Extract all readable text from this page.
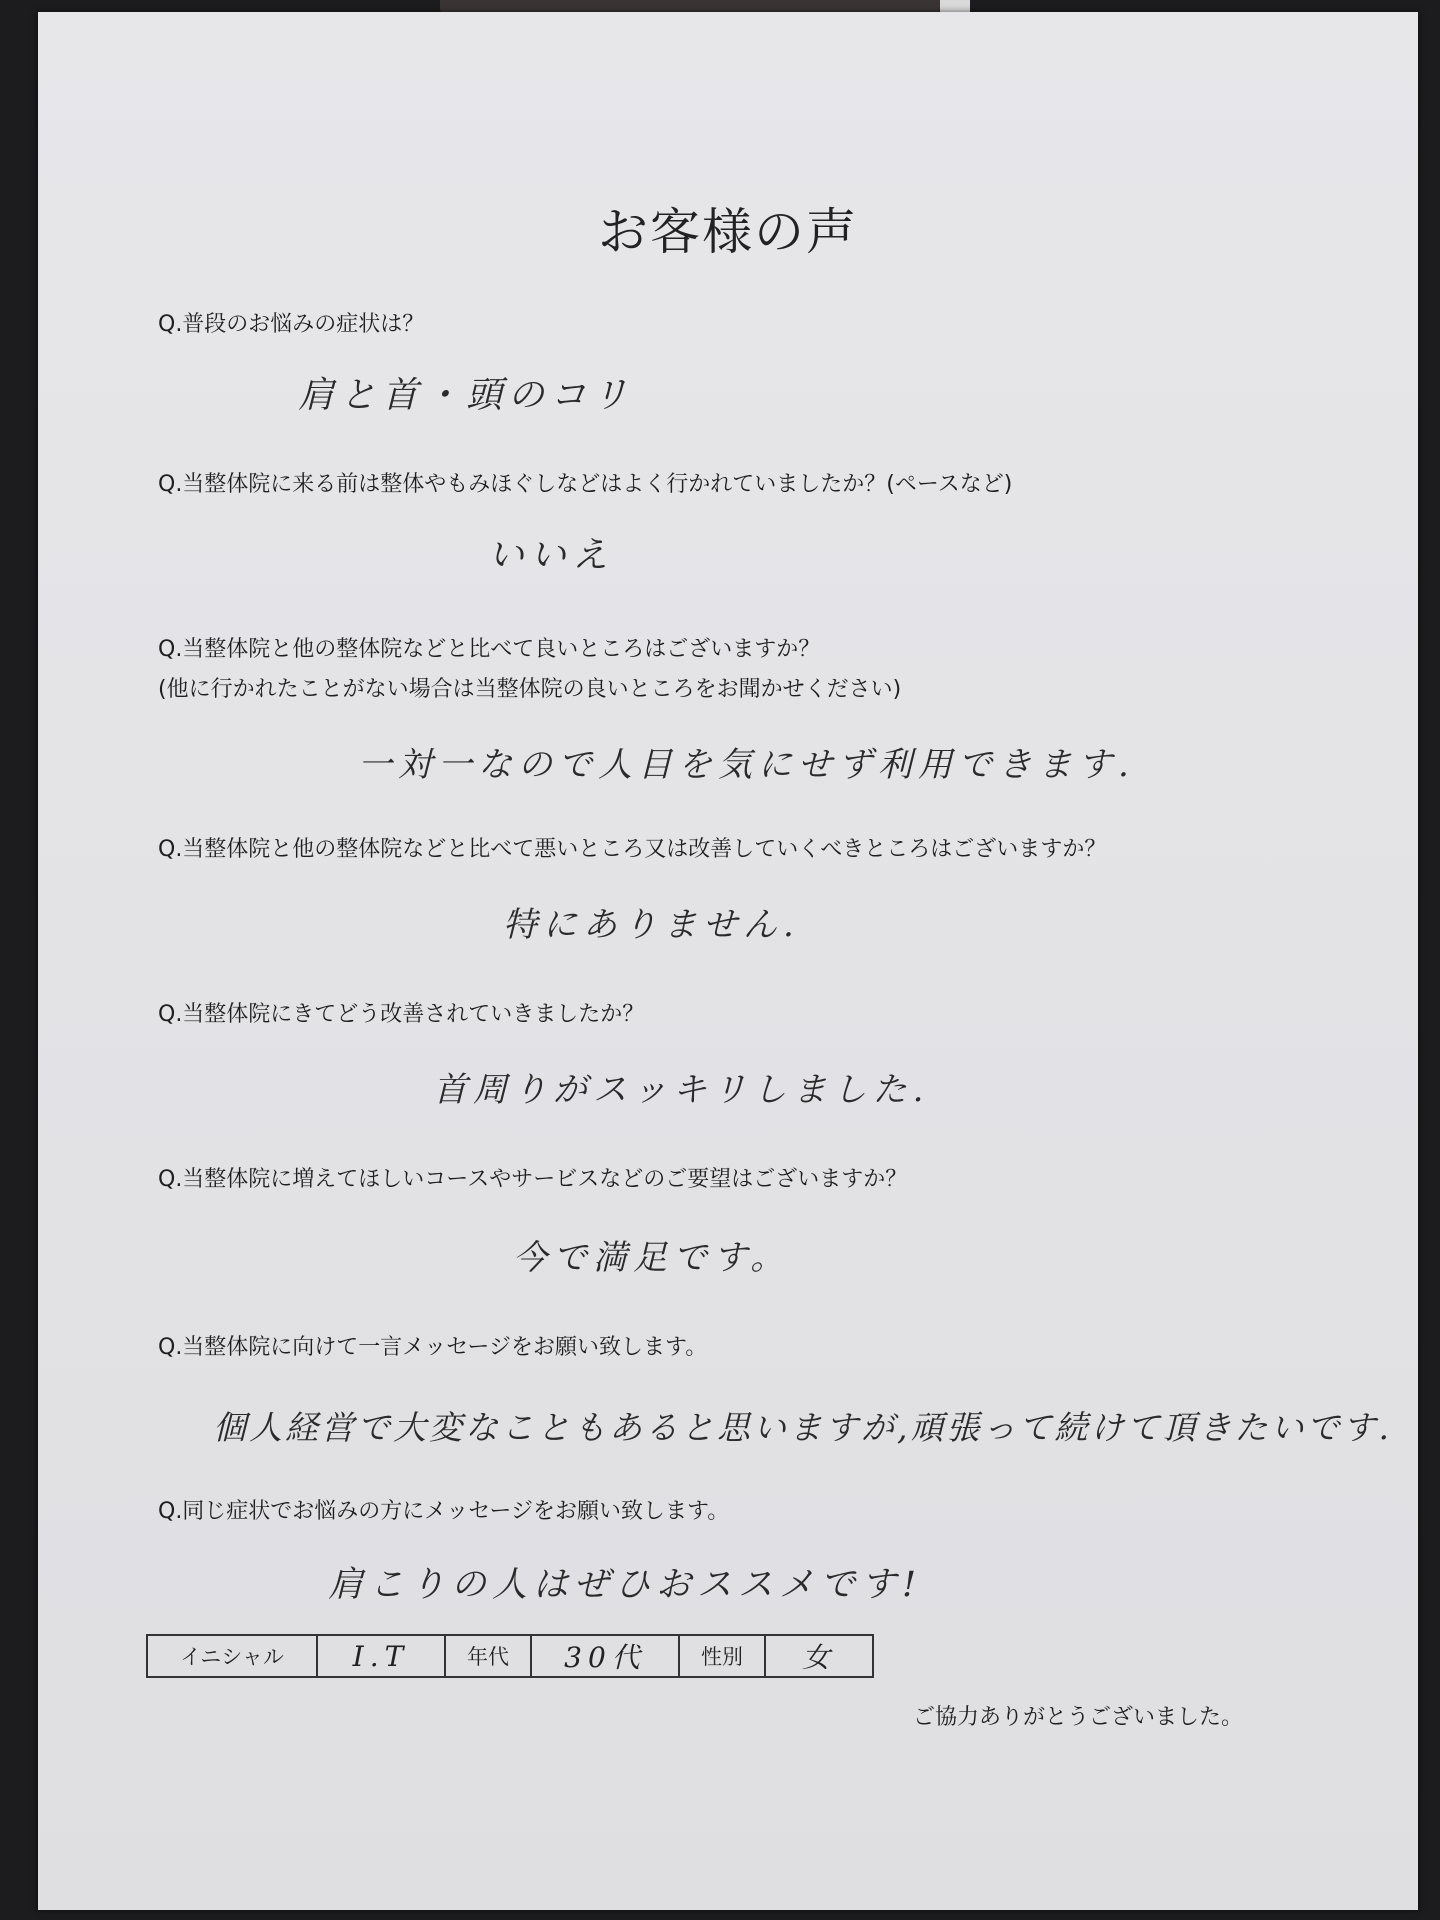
お客様の声
Q.普段のお悩みの症状は？
肩と首・頭のコリ
Q.当整体院に来る前は整体やもみほぐしなどはよく行かれていましたか？(ペースなど)
いいえ
Q.当整体院と他の整体院などと比べて良いところはございますか？
(他に行かれたことがない場合は当整体院の良いところをお聞かせください)
一対一なので人目を気にせず利用できます.
Q.当整体院と他の整体院などと比べて悪いところ又は改善していくべきところはございますか？
特にありません.
Q.当整体院にきてどう改善されていきましたか？
首周りがスッキリしました.
Q.当整体院に増えてほしいコースやサービスなどのご要望はございますか？
今で満足です。
Q.当整体院に向けて一言メッセージをお願い致します。
個人経営で大変なこともあると思いますが,頑張って続けて頂きたいです.
Q.同じ症状でお悩みの方にメッセージをお願い致します。
肩こりの人はぜひおススメです!
イニシャル	I.T	年代	30代	性別	女
ご協力ありがとうございました。
